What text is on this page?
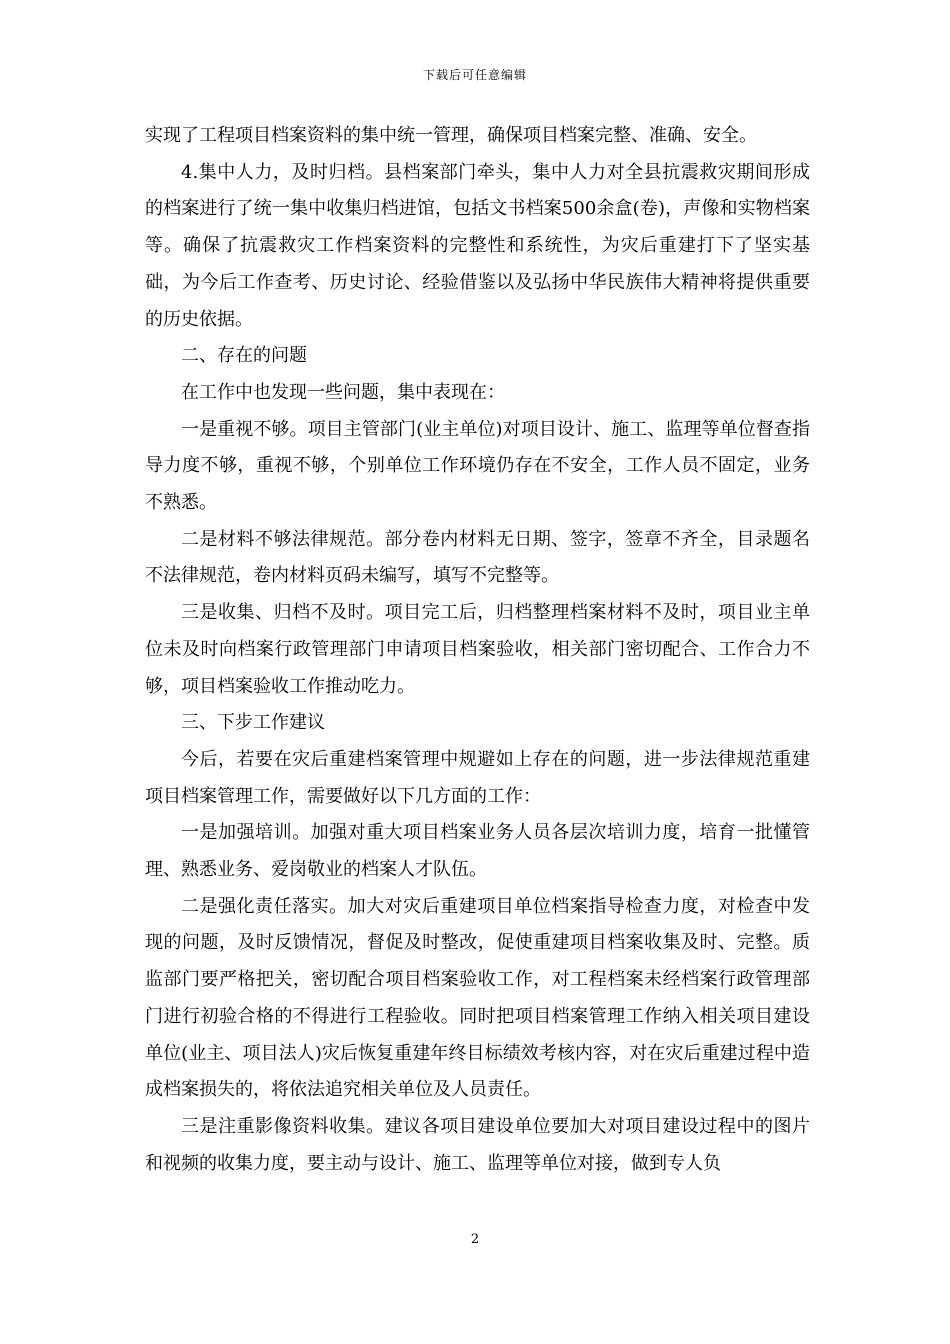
下载后可任意编辑

实现了工程项目档案资料的集中统一管理，确保项目档案完整、准确、安全。

4.集中人力，及时归档。县档案部门牵头，集中人力对全县抗震救灾期间形成的档案进行了统一集中收集归档进馆，包括文书档案500余盒(卷)，声像和实物档案等。确保了抗震救灾工作档案资料的完整性和系统性，为灾后重建打下了坚实基础，为今后工作查考、历史讨论、经验借鉴以及弘扬中华民族伟大精神将提供重要的历史依据。

二、存在的问题

在工作中也发现一些问题，集中表现在：

一是重视不够。项目主管部门(业主单位)对项目设计、施工、监理等单位督查指导力度不够，重视不够，个别单位工作环境仍存在不安全，工作人员不固定，业务不熟悉。

二是材料不够法律规范。部分卷内材料无日期、签字，签章不齐全，目录题名不法律规范，卷内材料页码未编写，填写不完整等。

三是收集、归档不及时。项目完工后，归档整理档案材料不及时，项目业主单位未及时向档案行政管理部门申请项目档案验收，相关部门密切配合、工作合力不够，项目档案验收工作推动吃力。

三、下步工作建议

今后，若要在灾后重建档案管理中规避如上存在的问题，进一步法律规范重建项目档案管理工作，需要做好以下几方面的工作：

一是加强培训。加强对重大项目档案业务人员各层次培训力度，培育一批懂管理、熟悉业务、爱岗敬业的档案人才队伍。

二是强化责任落实。加大对灾后重建项目单位档案指导检查力度，对检查中发现的问题，及时反馈情况，督促及时整改，促使重建项目档案收集及时、完整。质监部门要严格把关，密切配合项目档案验收工作，对工程档案未经档案行政管理部门进行初验合格的不得进行工程验收。同时把项目档案管理工作纳入相关项目建设单位(业主、项目法人)灾后恢复重建年终目标绩效考核内容，对在灾后重建过程中造成档案损失的，将依法追究相关单位及人员责任。

三是注重影像资料收集。建议各项目建设单位要加大对项目建设过程中的图片和视频的收集力度，要主动与设计、施工、监理等单位对接，做到专人负

2
